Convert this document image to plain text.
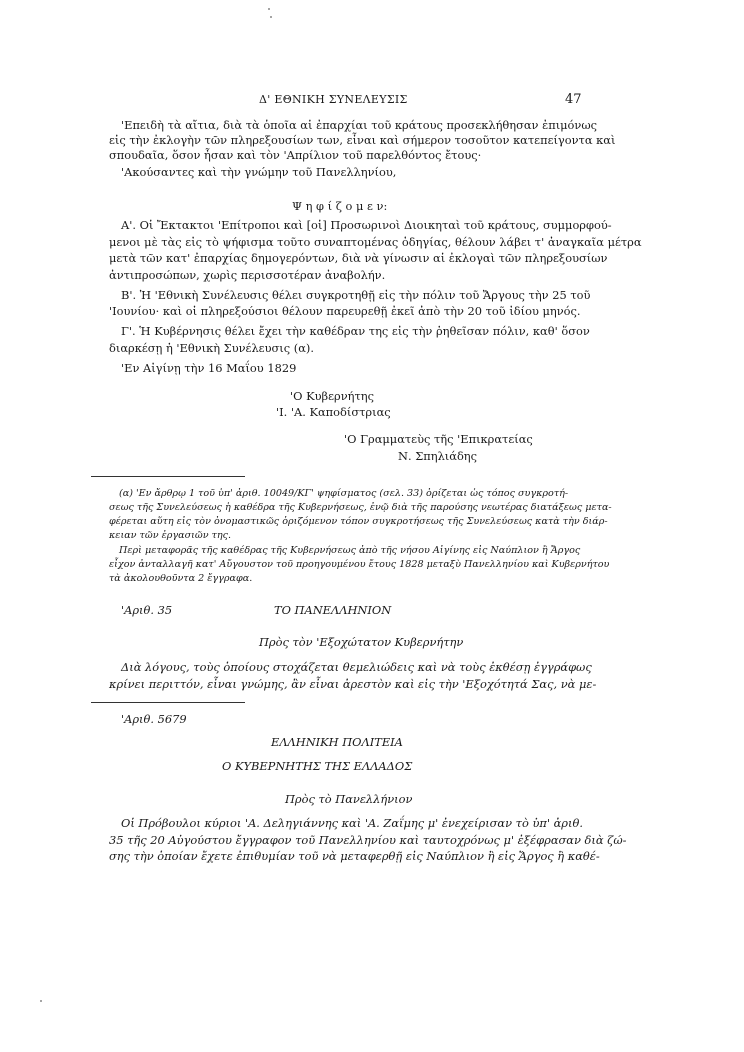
Δ' ΕΘΝΙΚΗ ΣΥΝΕΛΕΥΣΙΣ	47
'Επειδὴ τὰ αἴτια, διὰ τὰ ὁποῖα αἱ ἐπαρχίαι τοῦ κράτους προσεκλήθησαν ἐπιμόνως
εἰς τὴν ἐκλογὴν τῶν πληρεξουσίων των, εἶναι καὶ σήμερον τοσοῦτον κατεπείγοντα καὶ
σπουδαῖα, ὅσον ἦσαν καὶ τὸν 'Απρίλιον τοῦ παρελθόντος ἔτους·
'Ακούσαντες καὶ τὴν γνώμην τοῦ Πανελληνίου,
Ψ η φ ί ζ ο μ ε ν:
Α'. Οἱ Ἔκτακτοι 'Επίτροποι καὶ [οἱ] Προσωρινοὶ Διοικηταὶ τοῦ κράτους, συμμορφού-
μενοι μὲ τὰς εἰς τὸ ψήφισμα τοῦτο συναπτομένας ὁδηγίας, θέλουν λάβει τ' ἀναγκαῖα μέτρα
μετὰ τῶν κατ' ἐπαρχίας δημογερόντων, διὰ νὰ γίνωσιν αἱ ἐκλογαὶ τῶν πληρεξουσίων
ἀντιπροσώπων, χωρὶς περισσοτέραν ἀναβολήν.
Β'. Ἡ 'Εθνικὴ Συνέλευσις θέλει συγκροτηθῇ εἰς τὴν πόλιν τοῦ Ἄργους τὴν 25 τοῦ
'Ιουνίου· καὶ οἱ πληρεξούσιοι θέλουν παρευρεθῇ ἐκεῖ ἀπὸ τὴν 20 τοῦ ἰδίου μηνός.
Γ'. Ἡ Κυβέρνησις θέλει ἔχει τὴν καθέδραν της εἰς τὴν ῥηθεῖσαν πόλιν, καθ' ὅσον
διαρκέσῃ ἡ 'Εθνικὴ Συνέλευσις (α).
'Εν Αἰγίνῃ τὴν 16 Μαΐου 1829
'Ο Κυβερνήτης
'Ι. 'Α. Καποδίστριας
'Ο Γραμματεὺς τῆς 'Επικρατείας
Ν. Σπηλιάδης
(α) 'Εν ἄρθρῳ 1 τοῦ ὑπ' ἀριθ. 10049/ΚΓ' ψηφίσματος (σελ. 33) ὁρίζεται ὡς τόπος συγκροτή-
σεως τῆς Συνελεύσεως ἡ καθέδρα τῆς Κυβερνήσεως, ἐνῷ διὰ τῆς παρούσης νεωτέρας διατάξεως μετα-
φέρεται αὕτη εἰς τὸν ὀνομαστικῶς ὁριζόμενον τόπον συγκροτήσεως τῆς Συνελεύσεως κατὰ τὴν διάρ-
κειαν τῶν ἐργασιῶν της.
Περὶ μεταφορᾶς τῆς καθέδρας τῆς Κυβερνήσεως ἀπὸ τῆς νήσου Αἰγίνης εἰς Ναύπλιον ἢ Ἄργος
εἶχον ἀνταλλαγῆ κατ' Αὔγουστον τοῦ προηγουμένου ἔτους 1828 μεταξὺ Πανελληνίου καὶ Κυβερνήτου
τὰ ἀκολουθοῦντα 2 ἔγγραφα.
'Αριθ. 35	ΤΟ ΠΑΝΕΛΛΗΝΙΟΝ
Πρὸς τὸν 'Εξοχώτατον Κυβερνήτην
Διὰ λόγους, τοὺς ὁποίους στοχάζεται θεμελιώδεις καὶ νὰ τοὺς ἐκθέσῃ ἐγγράφως
κρίνει περιττόν, εἶναι γνώμης, ἂν εἶναι ἀρεστὸν καὶ εἰς τὴν 'Εξοχότητά Σας, νὰ με-
'Αριθ. 5679
ΕΛΛΗΝΙΚΗ ΠΟΛΙΤΕΙΑ
Ο ΚΥΒΕΡΝΗΤΗΣ ΤΗΣ ΕΛΛΑΔΟΣ
Πρὸς τὸ Πανελλήνιον
Οἱ Πρόβουλοι κύριοι 'Α. Δεληγιάννης καὶ 'Α. Ζαΐμης μ' ἐνεχείρισαν τὸ ὑπ' ἀριθ.
35 τῆς 20 Αὐγούστου ἔγγραφον τοῦ Πανελληνίου καὶ ταυτοχρόνως μ' ἐξέφρασαν διὰ ζώ-
σης τὴν ὁποίαν ἔχετε ἐπιθυμίαν τοῦ νὰ μεταφερθῇ εἰς Ναύπλιον ἢ εἰς Ἄργος ἢ καθέ-
